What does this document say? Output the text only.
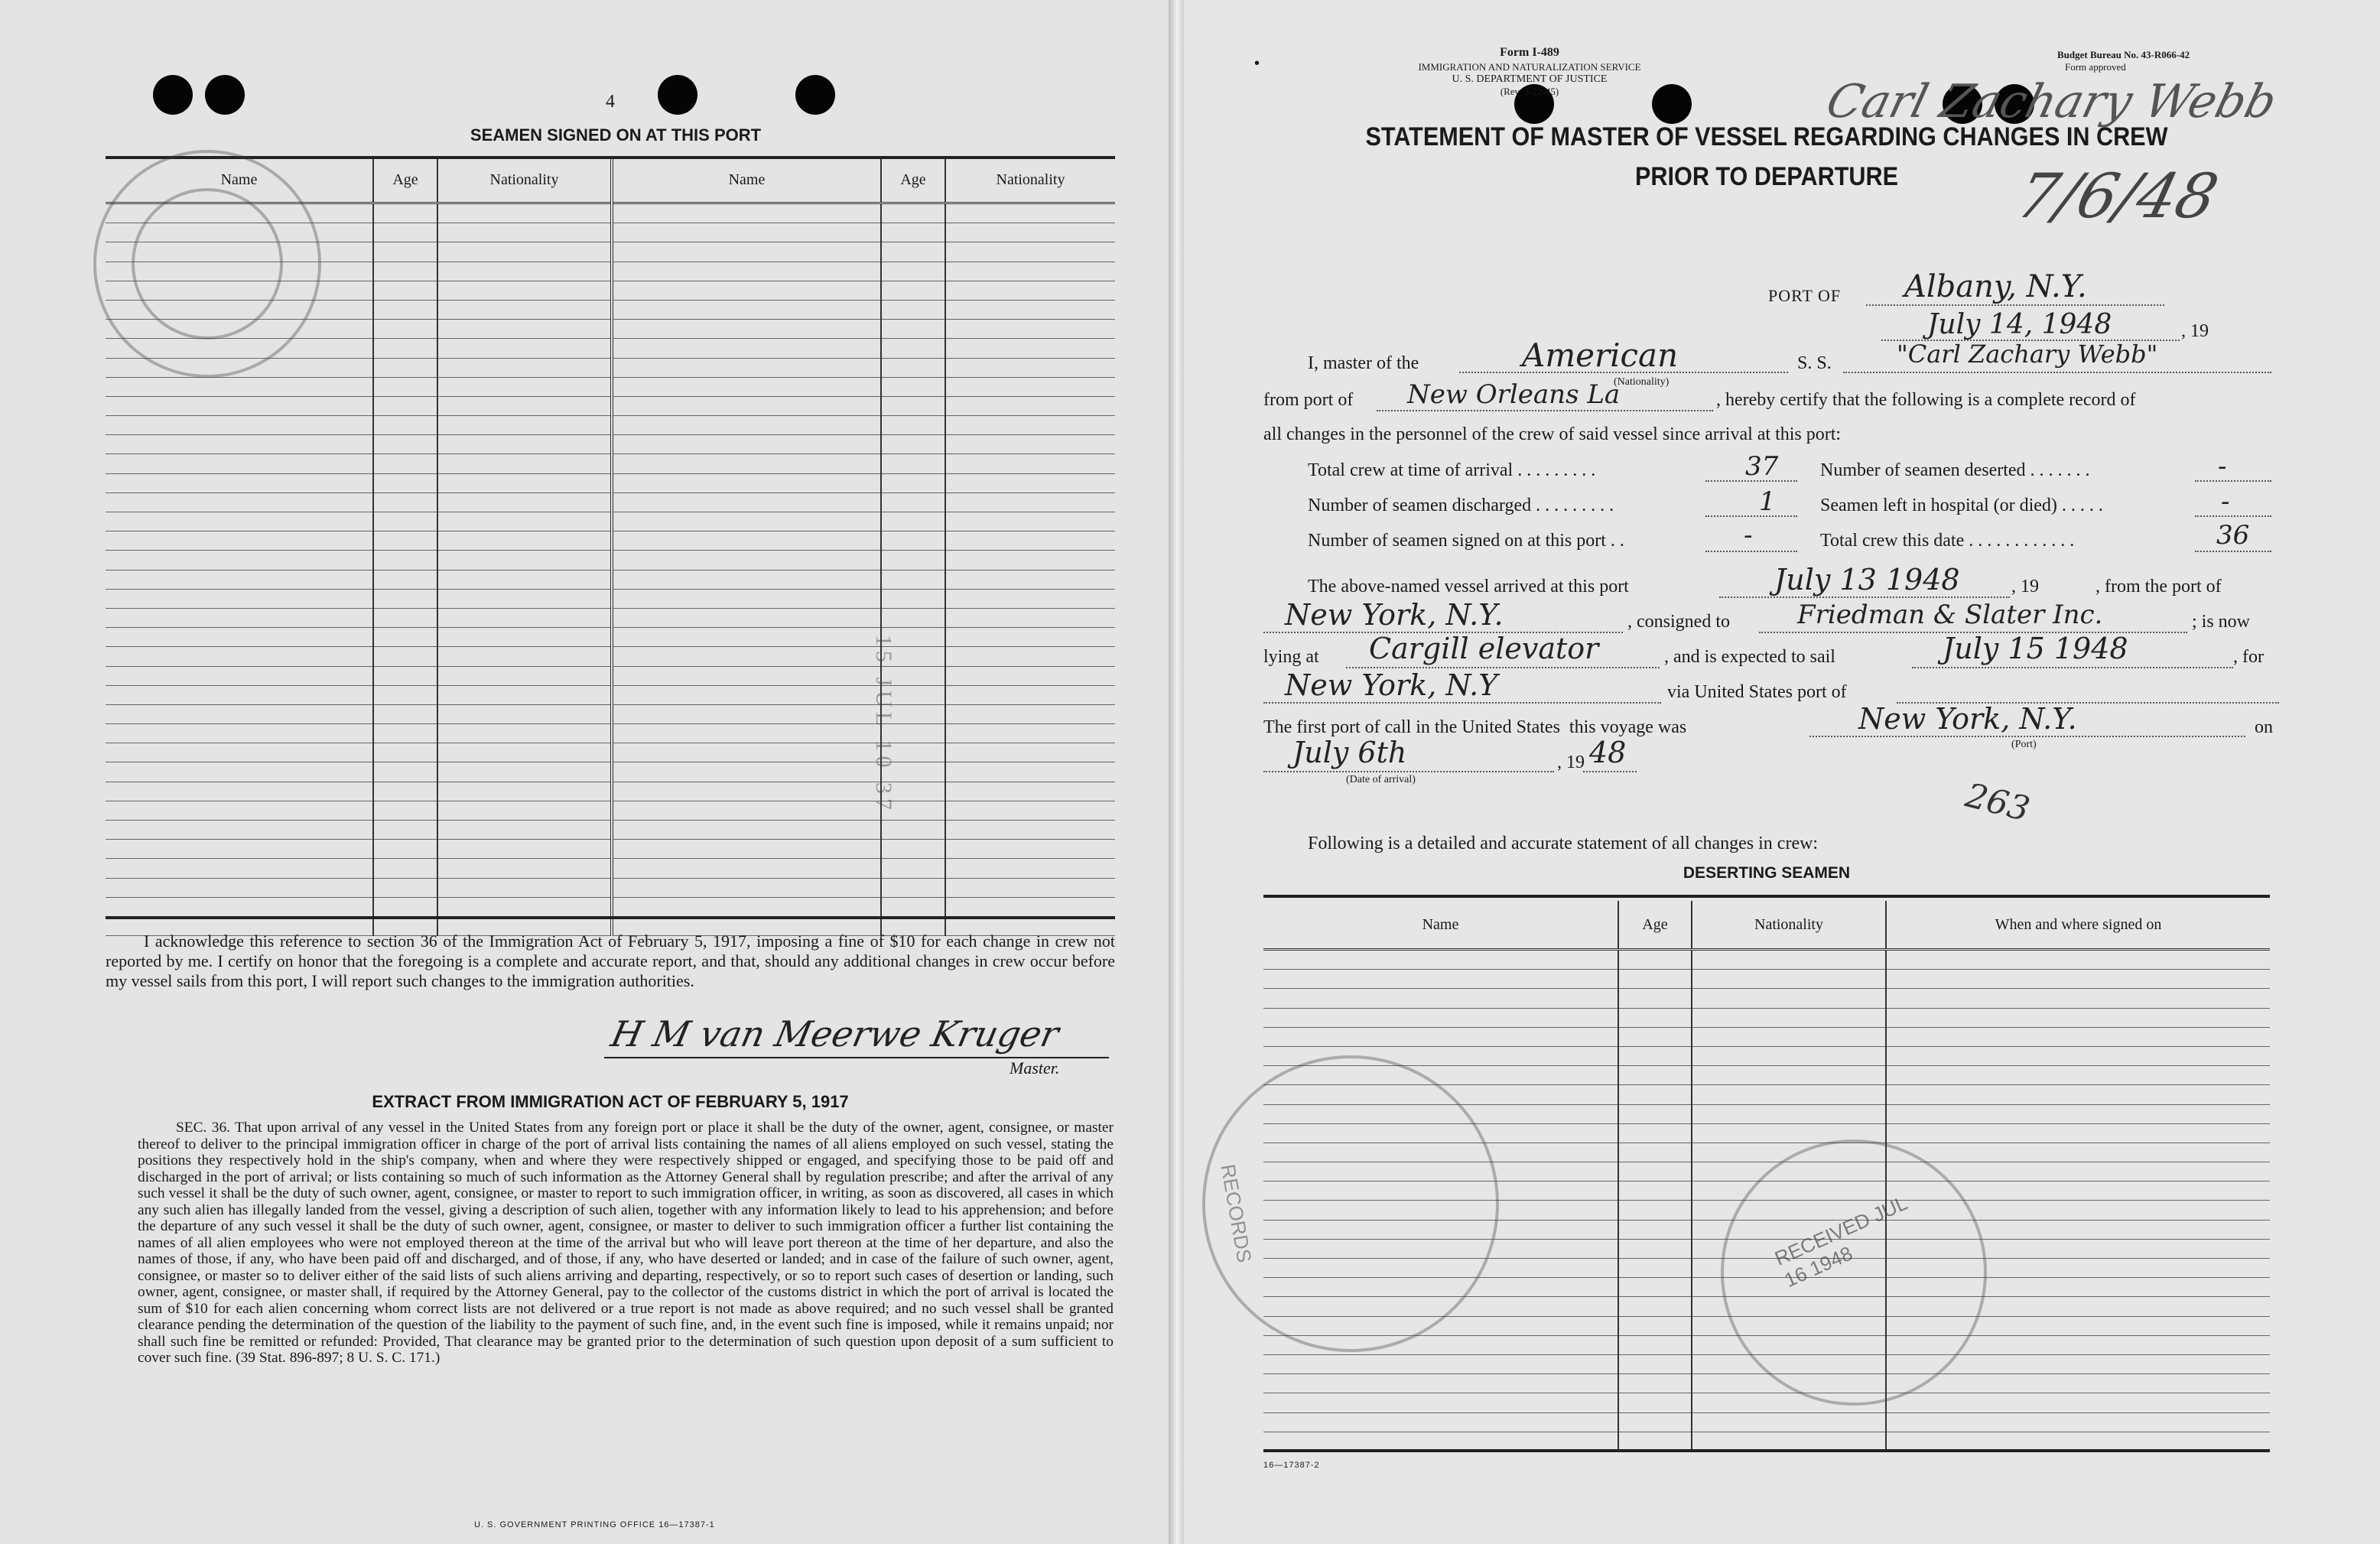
4
SEAMEN SIGNED ON AT THIS PORT
Name	Age	Nationality	Name	Age	Nationality

15 JUL 10 37
I acknowledge this reference to section 36 of the Immigration Act of February 5, 1917, imposing a fine of $10 for each change in crew not reported by me. I certify on honor that the foregoing is a complete and accurate report, and that, should any additional changes in crew occur before my vessel sails from this port, I will report such changes to the immigration authorities.
H M van Meerwe Kruger
Master.
EXTRACT FROM IMMIGRATION ACT OF FEBRUARY 5, 1917
SEC. 36. That upon arrival of any vessel in the United States from any foreign port or place it shall be the duty of the owner, agent, consignee, or master thereof to deliver to the principal immigration officer in charge of the port of arrival lists containing the names of all aliens employed on such vessel, stating the positions they respectively hold in the ship's company, when and where they were respectively shipped or engaged, and specifying those to be paid off and discharged in the port of arrival; or lists containing so much of such information as the Attorney General shall by regulation prescribe; and after the arrival of any such vessel it shall be the duty of such owner, agent, consignee, or master to report to such immigration officer, in writing, as soon as discovered, all cases in which any such alien has illegally landed from the vessel, giving a description of such alien, together with any information likely to lead to his apprehension; and before the departure of any such vessel it shall be the duty of such owner, agent, consignee, or master to deliver to such immigration officer a further list containing the names of all alien employees who were not employed thereon at the time of the arrival but who will leave port thereon at the time of her departure, and also the names of those, if any, who have been paid off and discharged, and of those, if any, who have deserted or landed; and in case of the failure of such owner, agent, consignee, or master so to deliver either of the said lists of such aliens arriving and departing, respectively, or so to report such cases of desertion or landing, such owner, agent, consignee, or master shall, if required by the Attorney General, pay to the collector of the customs district in which the port of arrival is located the sum of $10 for each alien concerning whom correct lists are not delivered or a true report is not made as above required; and no such vessel shall be granted clearance pending the determination of the question of the liability to the payment of such fine, and, in the event such fine is imposed, while it remains unpaid; nor shall such fine be remitted or refunded: Provided, That clearance may be granted prior to the determination of such question upon deposit of a sum sufficient to cover such fine. (39 Stat. 896-897; 8 U. S. C. 171.)
U. S. GOVERNMENT PRINTING OFFICE 16—17387-1
•
Form I-489
IMMIGRATION AND NATURALIZATION SERVICE
U. S. DEPARTMENT OF JUSTICE
(Rev. 3-22-45)
Budget Bureau No. 43-R066-42
Form approved
Carl Zachary Webb
7/6/48
STATEMENT OF MASTER OF VESSEL REGARDING CHANGES IN CREW
PRIOR TO DEPARTURE
PORT OF Albany, N.Y.
July 14, 1948	, 19
I, master of the	American
(Nationality)
S. S.	"Carl Zachary Webb"
from port of New Orleans La	, hereby certify that the following is a complete record of
all changes in the personnel of the crew of said vessel since arrival at this port:
Total crew at time of arrival . . . . . . . . .	37 Number of seamen deserted . . . . . . .	-
Number of seamen discharged . . . . . . . . .	1 Seamen left in hospital (or died) . . . . .	-
Number of seamen signed on at this port . .	-	Total crew this date . . . . . . . . . . . .	36
The above-named vessel arrived at this port	July 13 1948	, 19	, from the port of
New York, N.Y.	, consigned to	Friedman & Slater Inc.	; is now
lying at Cargill elevator	, and is expected to sail	July 15 1948	, for
New York, N.Y	via United States port of
The first port of call in the United States  this voyage was	New York, N.Y.
(Port)
on
July 6th
(Date of arrival)
, 19 48
263
Following is a detailed and accurate statement of all changes in crew:
DESERTING SEAMEN
Name	Age	Nationality	When and where signed on

RECORDS	RECEIVED JUL 16 1948
16—17387-2
